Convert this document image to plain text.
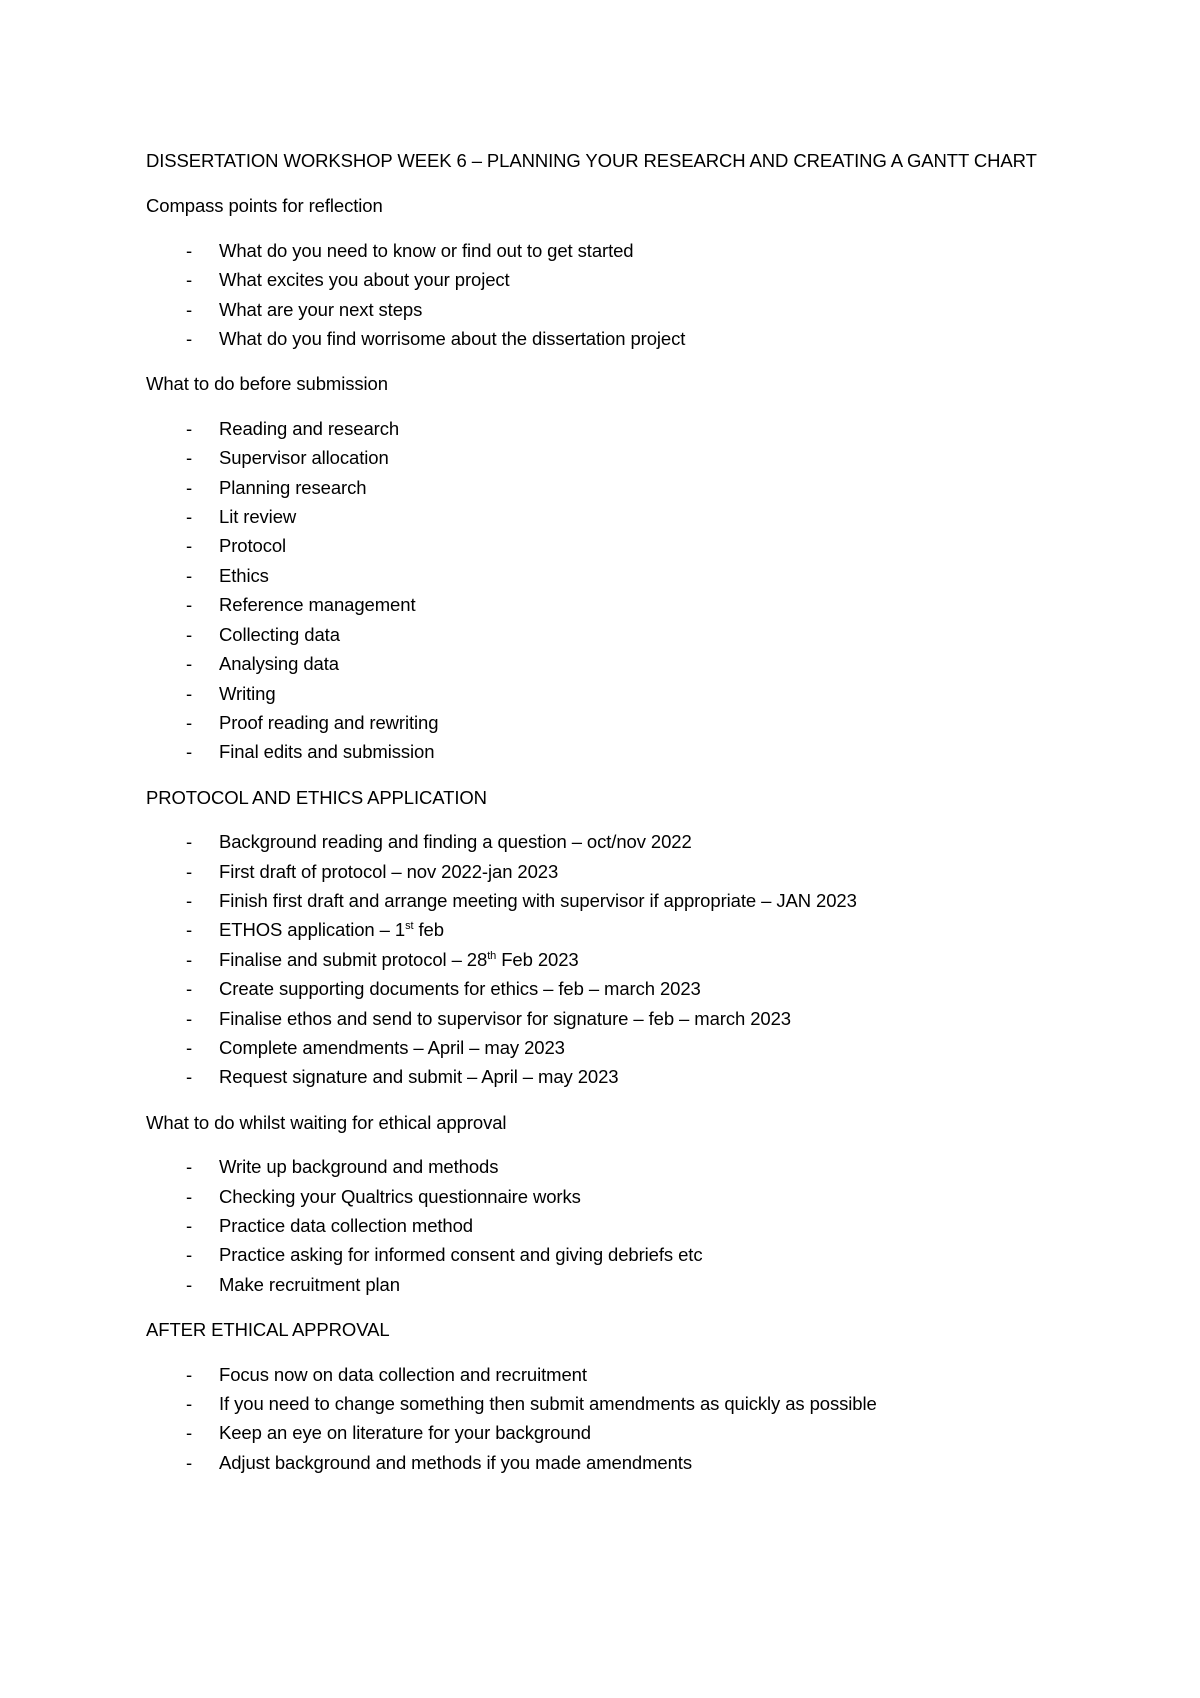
DISSERTATION WORKSHOP WEEK 6 – PLANNING YOUR RESEARCH AND CREATING A GANTT CHART
Compass points for reflection
- What do you need to know or find out to get started
- What excites you about your project
- What are your next steps
- What do you find worrisome about the dissertation project
What to do before submission
- Reading and research
- Supervisor allocation
- Planning research
- Lit review
- Protocol
- Ethics
- Reference management
- Collecting data
- Analysing data
- Writing
- Proof reading and rewriting
- Final edits and submission
PROTOCOL AND ETHICS APPLICATION
- Background reading and finding a question – oct/nov 2022
- First draft of protocol – nov 2022-jan 2023
- Finish first draft and arrange meeting with supervisor if appropriate – JAN 2023
- ETHOS application – 1st feb
- Finalise and submit protocol – 28th Feb 2023
- Create supporting documents for ethics – feb – march 2023
- Finalise ethos and send to supervisor for signature – feb – march 2023
- Complete amendments – April – may 2023
- Request signature and submit – April – may 2023
What to do whilst waiting for ethical approval
- Write up background and methods
- Checking your Qualtrics questionnaire works
- Practice data collection method
- Practice asking for informed consent and giving debriefs etc
- Make recruitment plan
AFTER ETHICAL APPROVAL
- Focus now on data collection and recruitment
- If you need to change something then submit amendments as quickly as possible
- Keep an eye on literature for your background
- Adjust background and methods if you made amendments
